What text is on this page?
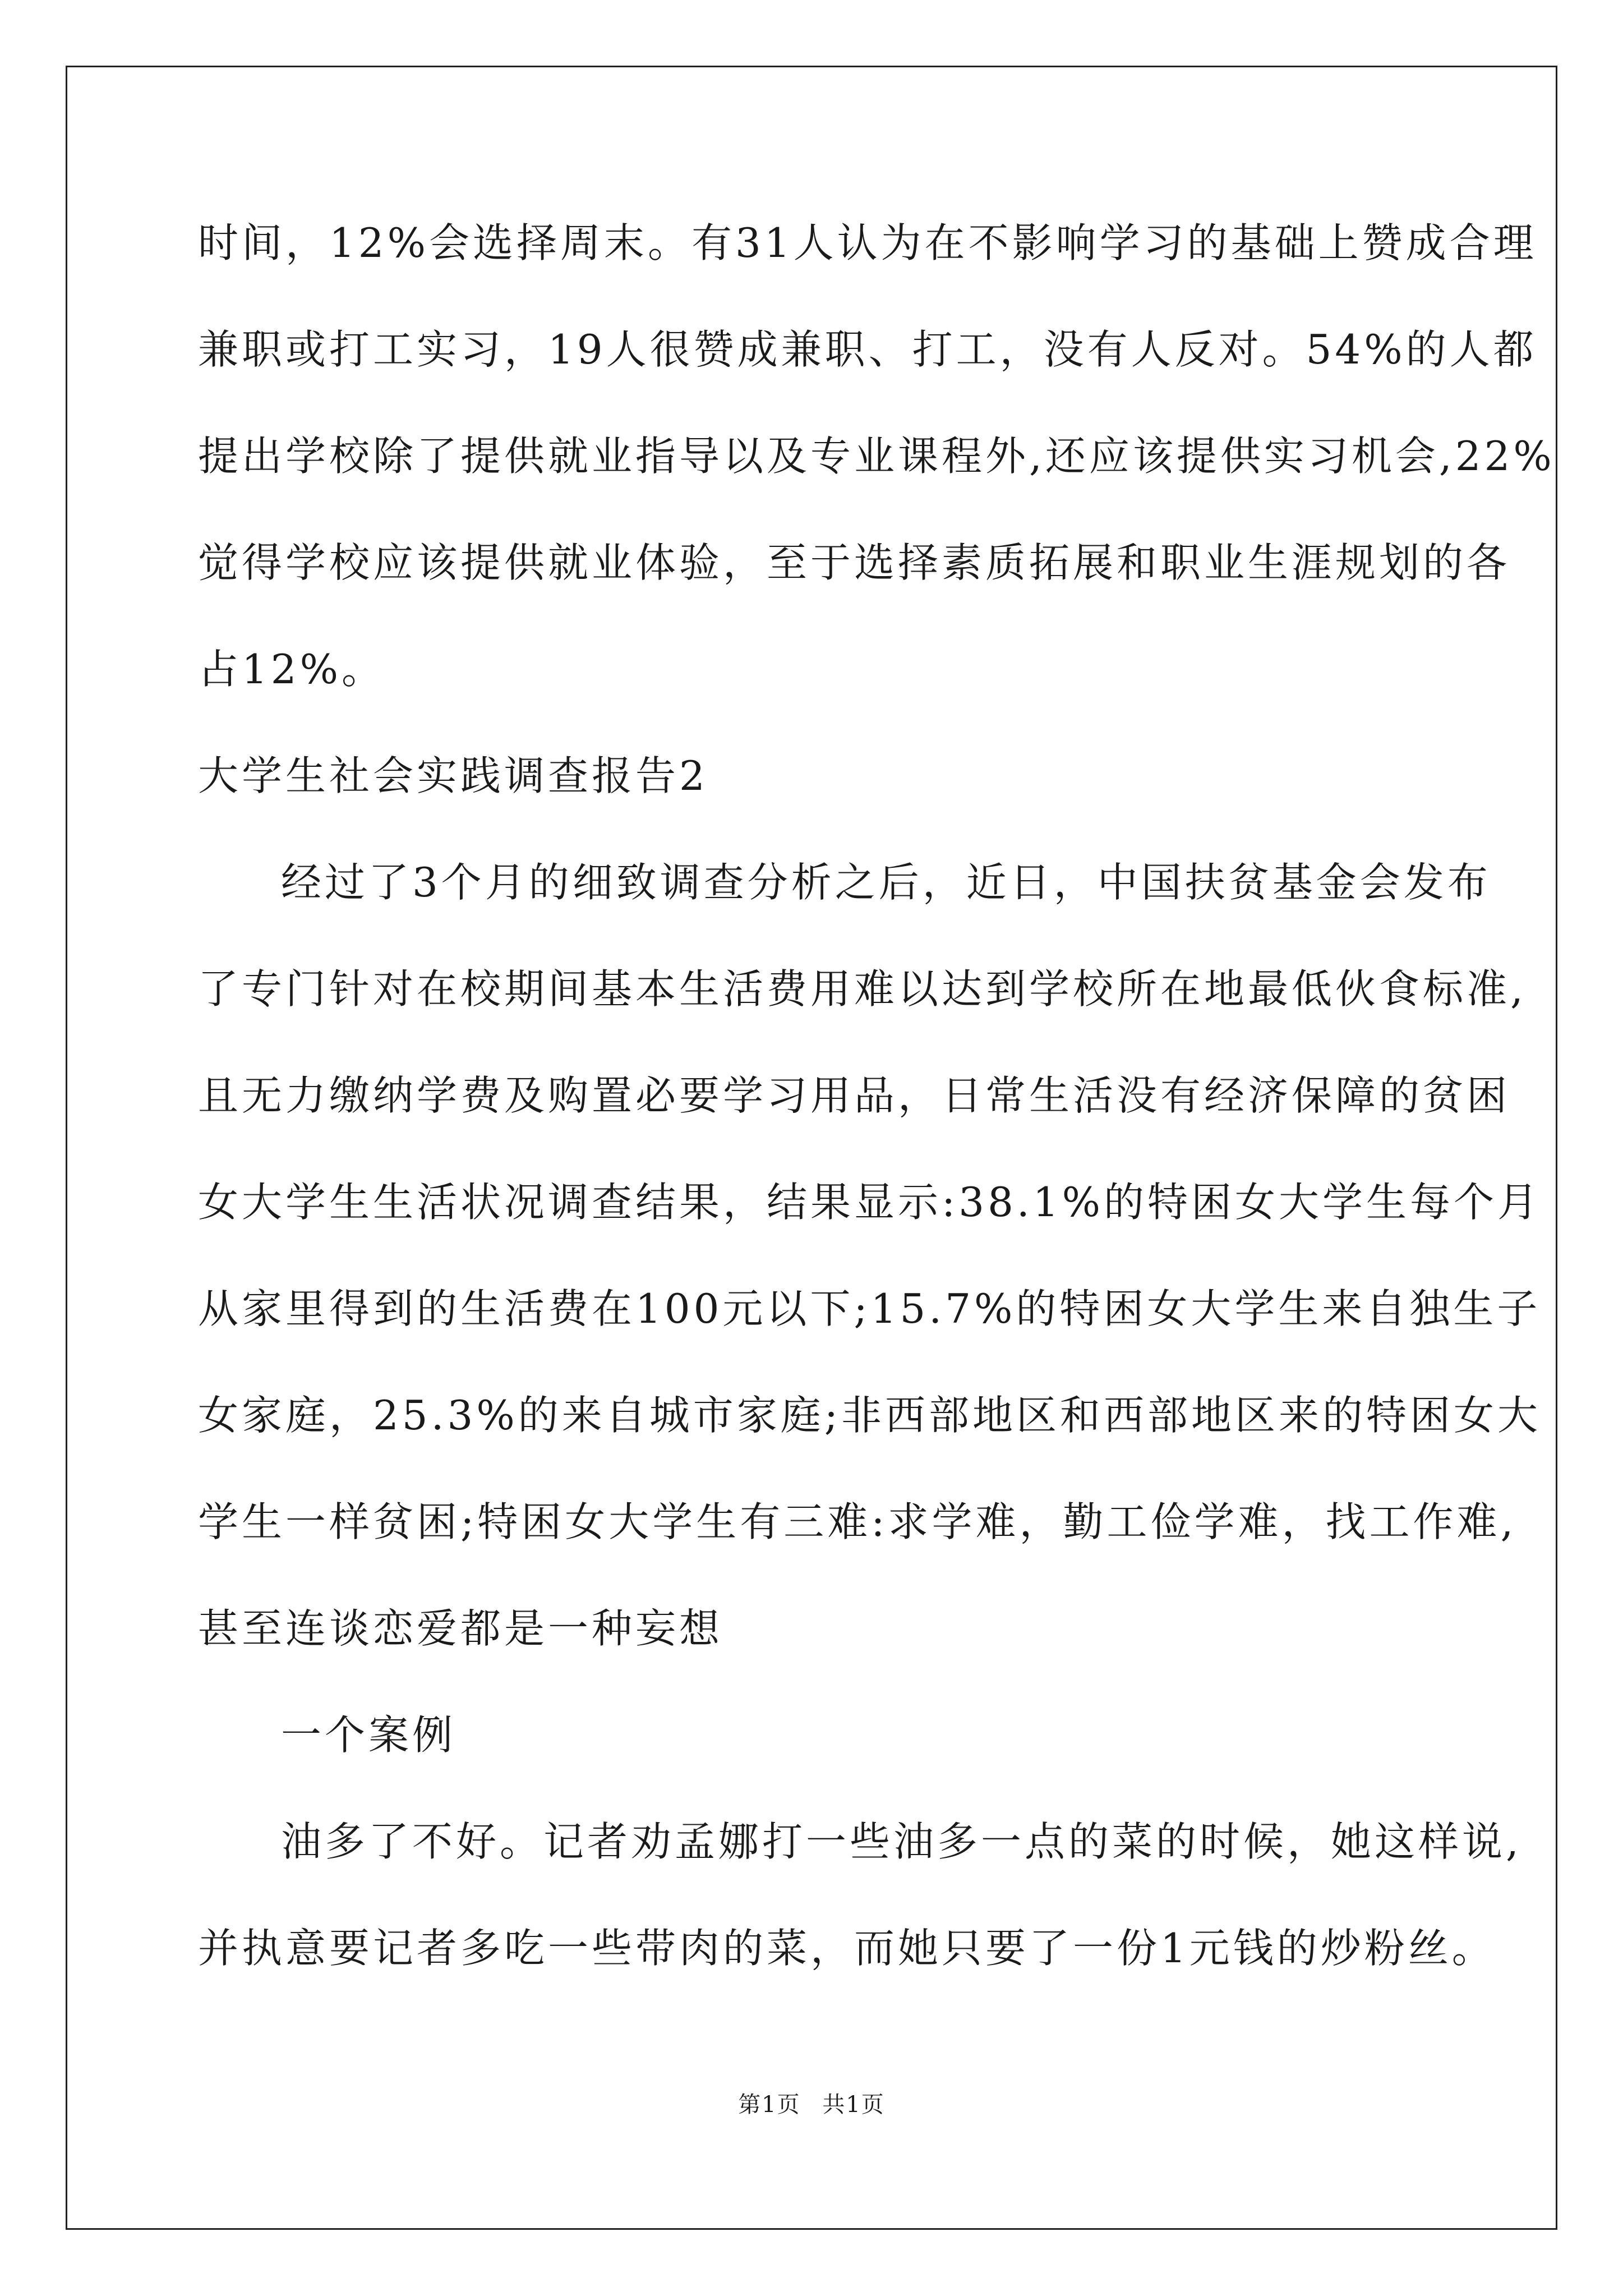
时间，12%会选择周末。有31人认为在不影响学习的基础上赞成合理
兼职或打工实习，19人很赞成兼职、打工，没有人反对。54%的人都
提出学校除了提供就业指导以及专业课程外,还应该提供实习机会,22%
觉得学校应该提供就业体验，至于选择素质拓展和职业生涯规划的各
占12%。
大学生社会实践调查报告2
经过了3个月的细致调查分析之后，近日，中国扶贫基金会发布
了专门针对在校期间基本生活费用难以达到学校所在地最低伙食标准,
且无力缴纳学费及购置必要学习用品，日常生活没有经济保障的贫困
女大学生生活状况调查结果，结果显示:38.1%的特困女大学生每个月
从家里得到的生活费在100元以下;15.7%的特困女大学生来自独生子
女家庭，25.3%的来自城市家庭;非西部地区和西部地区来的特困女大
学生一样贫困;特困女大学生有三难:求学难，勤工俭学难，找工作难,
甚至连谈恋爱都是一种妄想
一个案例
油多了不好。记者劝孟娜打一些油多一点的菜的时候，她这样说,
并执意要记者多吃一些带肉的菜，而她只要了一份1元钱的炒粉丝。
第1页 共1页
